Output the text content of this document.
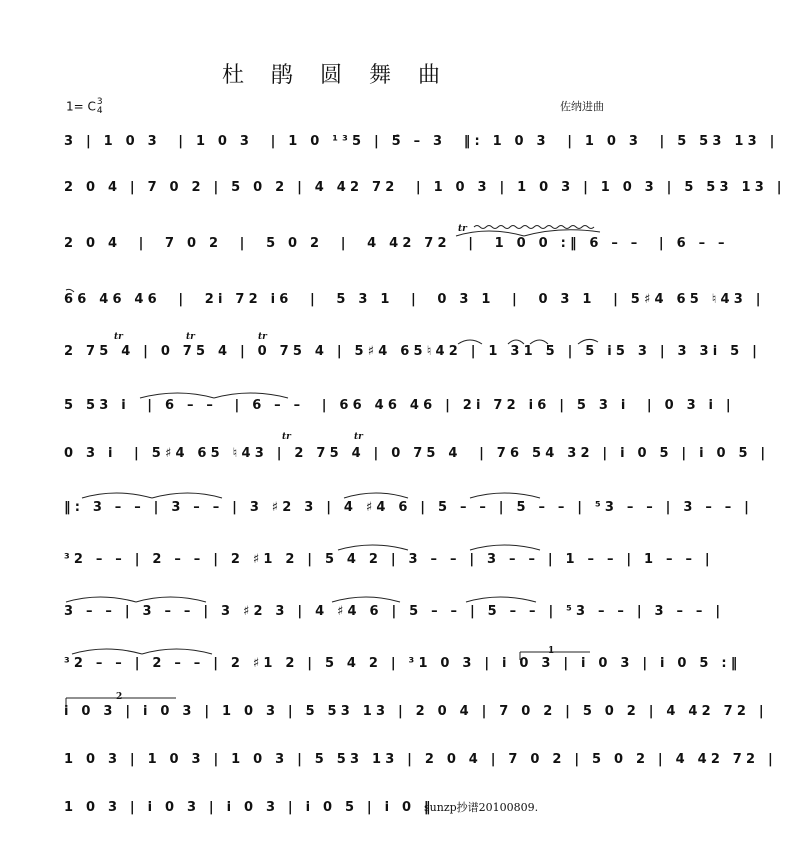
杜 鹃 圆 舞 曲
1= C 3
4	佐纳进曲
3 | 1 0 3  | 1 0 3  | 1 0 ¹³5 | 5̑ – 3  ‖: 1 0 3  | 1 0 3  | 5 53 13 |
2 0 4 | 7 0 2 | 5 0 2 | 4 42 72  | 1 0 3 | 1 0 3 | 1 0 3 | 5 53 13 |
2 0 4  |  7 0 2  |  5 0 2  |  4 42 72  |  1 0 0 :‖ 6 – –  | 6 – –
66 46 46  |  2i 72 i6  |  5 3 1  |  0 3 1  |  0 3 1  | 5♯4 65 ♮43 |
2 75 4 | 0 75 4 | 0 75 4 | 5♯4 65♮42 | 1 31 5 | 5 i5 3 | 3 3i 5 |
5 53 i  | 6 – –  | 6 – –  | 66 46 46 | 2i 72 i6 | 5 3 i  | 0 3 i |
0 3 i  | 5♯4 65 ♮43 | 2 75 4 | 0 75 4  | 76 54 32 | i 0 5 | i 0 5 |
‖: 3 – – | 3 – – | 3 ♯2 3 | 4 ♯4 6 | 5 – – | 5 – – | ⁵3 – – | 3 – – |
³2 – – | 2 – – | 2 ♯1 2 | 5 4 2 | 3 – – | 3 – – | 1 – – | 1 – – |
3 – – | 3 – – | 3 ♯2 3 | 4 ♯4 6 | 5 – – | 5 – – | ⁵3 – – | 3 – – |
³2 – – | 2 – – | 2 ♯1 2 | 5 4 2 | ³1 0 3 | i 0 3 | i 0 3 | i 0 5 :‖
i 0 3 | i 0 3 | 1 0 3 | 5 53 13 | 2 0 4 | 7 0 2 | 5 0 2 | 4 42 72 |
1 0 3 | 1 0 3 | 1 0 3 | 5 53 13 | 2 0 4 | 7 0 2 | 5 0 2 | 4 42 72 |
1 0 3 | i 0 3 | i 0 3 | i 0 5 | i 0 ‖
tr
tr	tr	tr
tr	tr
1
2
sunzp抄谱20100809.
